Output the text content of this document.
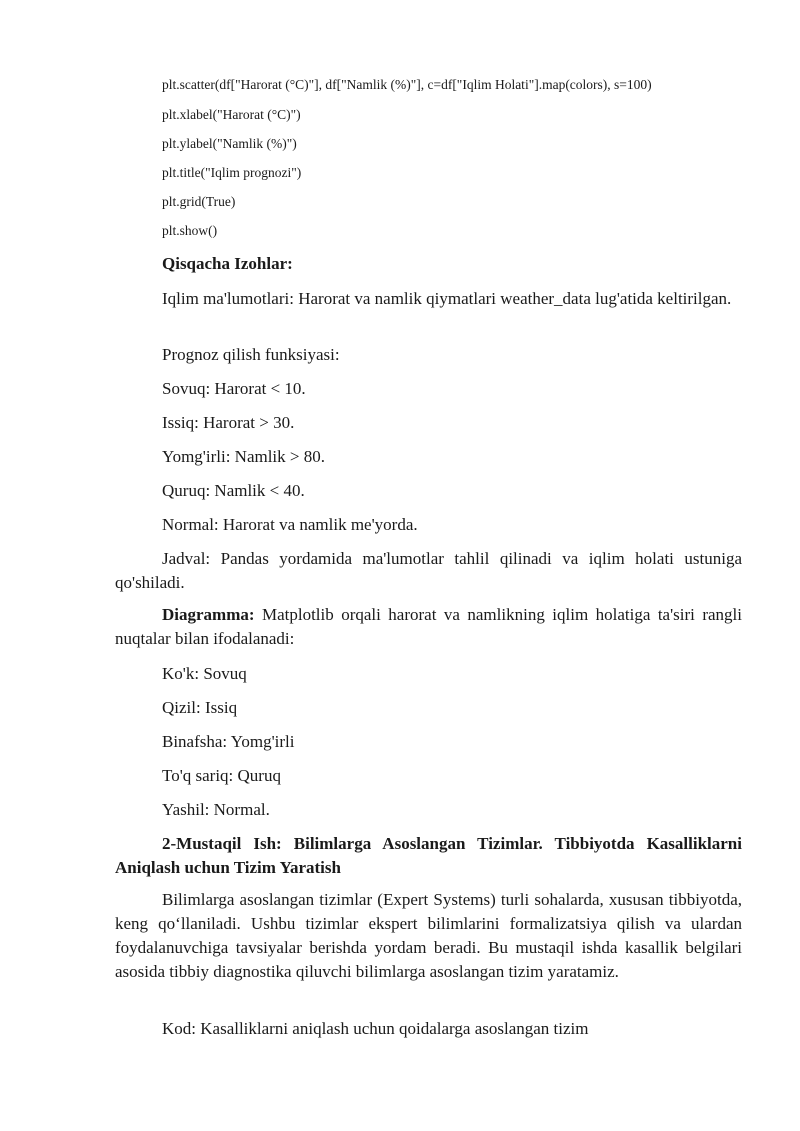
plt.scatter(df["Harorat (°C)"], df["Namlik (%)"], c=df["Iqlim Holati"].map(colors), s=100)
plt.xlabel("Harorat (°C)")
plt.ylabel("Namlik (%)")
plt.title("Iqlim prognozi")
plt.grid(True)
plt.show()
Qisqacha Izohlar:
Iqlim ma'lumotlari: Harorat va namlik qiymatlari weather_data lug'atida keltirilgan.
Prognoz qilish funksiyasi:
Sovuq: Harorat < 10.
Issiq: Harorat > 30.
Yomg'irli: Namlik > 80.
Quruq: Namlik < 40.
Normal: Harorat va namlik me'yorda.
Jadval: Pandas yordamida ma'lumotlar tahlil qilinadi va iqlim holati ustuniga qo'shiladi.
Diagramma: Matplotlib orqali harorat va namlikning iqlim holatiga ta'siri rangli nuqtalar bilan ifodalanadi:
Ko'k: Sovuq
Qizil: Issiq
Binafsha: Yomg'irli
To'q sariq: Quruq
Yashil: Normal.
2-Mustaqil Ish: Bilimlarga Asoslangan Tizimlar. Tibbiyotda Kasalliklarni Aniqlash uchun Tizim Yaratish
Bilimlarga asoslangan tizimlar (Expert Systems) turli sohalarda, xususan tibbiyotda, keng qo‘llaniladi. Ushbu tizimlar ekspert bilimlarini formalizatsiya qilish va ulardan foydalanuvchiga tavsiyalar berishda yordam beradi. Bu mustaqil ishda kasallik belgilari asosida tibbiy diagnostika qiluvchi bilimlarga asoslangan tizim yaratamiz.
Kod: Kasalliklarni aniqlash uchun qoidalarga asoslangan tizim
